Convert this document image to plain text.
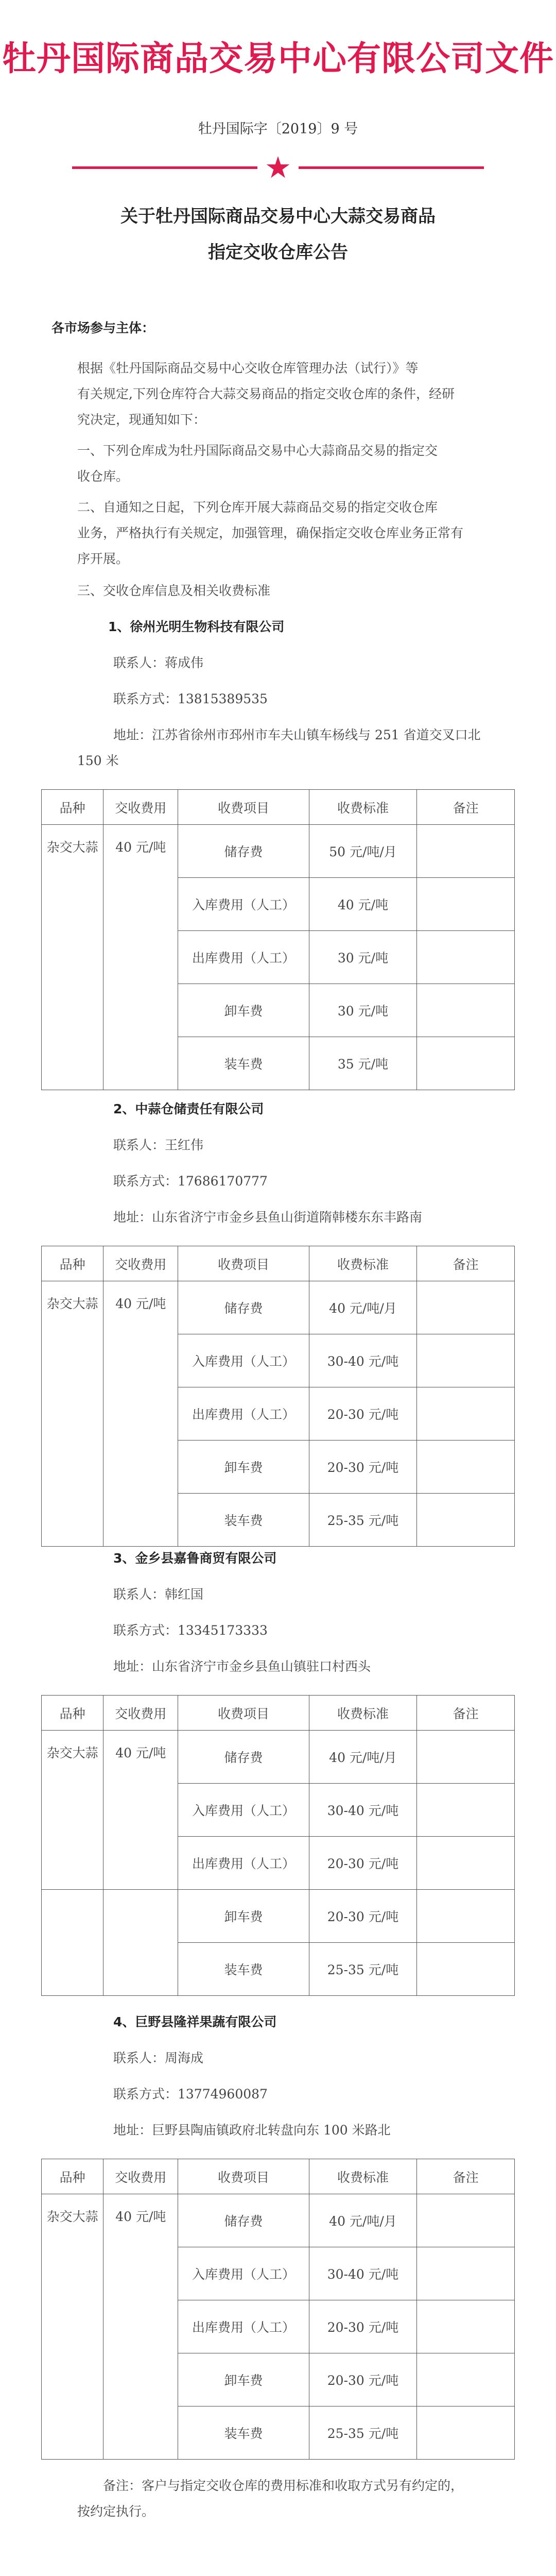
牡丹国际商品交易中心有限公司文件
牡丹国际字〔2019〕9 号
★
关于牡丹国际商品交易中心大蒜交易商品
指定交收仓库公告
各市场参与主体：
根据《牡丹国际商品交易中心交收仓库管理办法（试行）》等
有关规定,下列仓库符合大蒜交易商品的指定交收仓库的条件，经研
究决定，现通知如下：
一、下列仓库成为牡丹国际商品交易中心大蒜商品交易的指定交
收仓库。
二、自通知之日起，下列仓库开展大蒜商品交易的指定交收仓库
业务，严格执行有关规定，加强管理，确保指定交收仓库业务正常有
序开展。
三、交收仓库信息及相关收费标准
1、徐州光明生物科技有限公司
联系人：蒋成伟
联系方式：13815389535
地址：江苏省徐州市邳州市车夫山镇车杨线与 251 省道交叉口北
150 米
品种	交收费用	收费项目	收费标准	备注
杂交大蒜	40 元/吨	储存费	50 元/吨/月	
		入库费用（人工）	40 元/吨	
		出库费用（人工）	30 元/吨	
		卸车费	30 元/吨	
		装车费	35 元/吨	
2、中蒜仓储责任有限公司
联系人：王红伟
联系方式：17686170777
地址：山东省济宁市金乡县鱼山街道隋韩楼东东丰路南
品种	交收费用	收费项目	收费标准	备注
杂交大蒜	40 元/吨	储存费	40 元/吨/月	
		入库费用（人工）	30-40 元/吨	
		出库费用（人工）	20-30 元/吨	
		卸车费	20-30 元/吨	
		装车费	25-35 元/吨	
3、金乡县嘉鲁商贸有限公司
联系人：韩红国
联系方式：13345173333
地址：山东省济宁市金乡县鱼山镇驻口村西头
品种	交收费用	收费项目	收费标准	备注
杂交大蒜	40 元/吨	储存费	40 元/吨/月	
		入库费用（人工）	30-40 元/吨	
		出库费用（人工）	20-30 元/吨	
		卸车费	20-30 元/吨	
		装车费	25-35 元/吨	
4、巨野县隆祥果蔬有限公司
联系人：周海成
联系方式：13774960087
地址：巨野县陶庙镇政府北转盘向东 100 米路北
品种	交收费用	收费项目	收费标准	备注
杂交大蒜	40 元/吨	储存费	40 元/吨/月	
		入库费用（人工）	30-40 元/吨	
		出库费用（人工）	20-30 元/吨	
		卸车费	20-30 元/吨	
		装车费	25-35 元/吨	
备注：客户与指定交收仓库的费用标准和收取方式另有约定的，
按约定执行。
